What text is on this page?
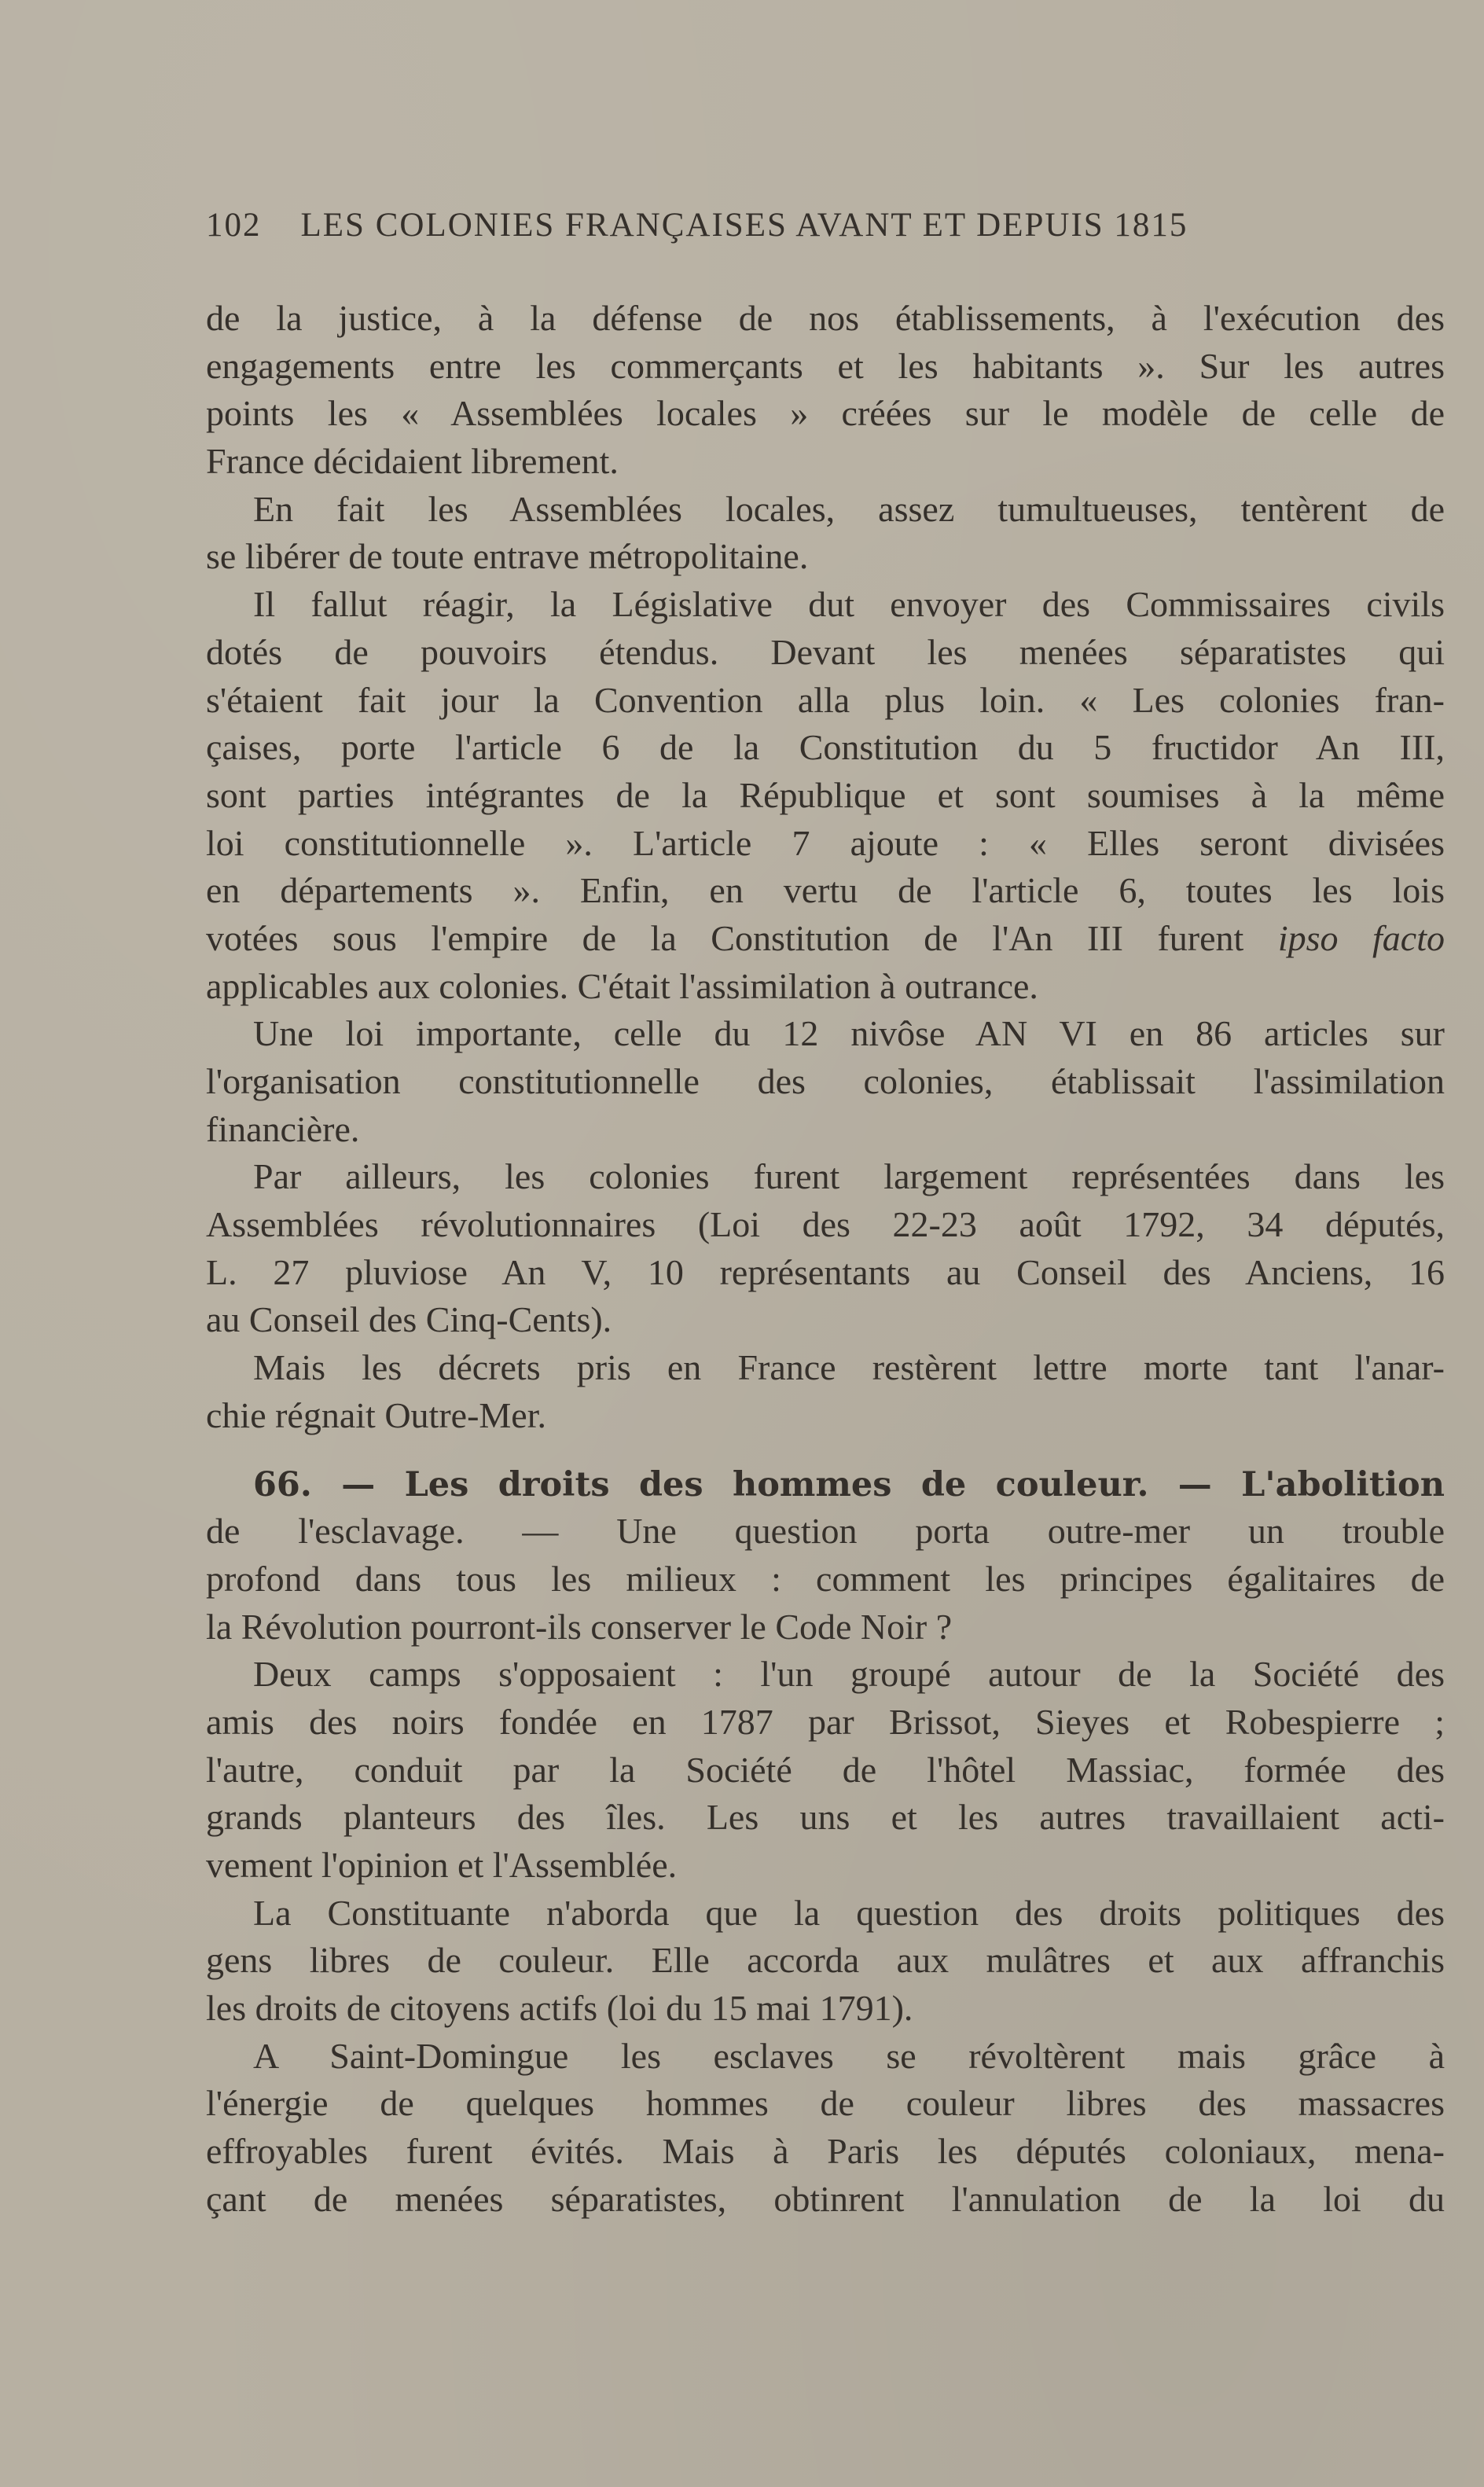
102 LES COLONIES FRANÇAISES AVANT ET DEPUIS 1815
de la justice, à la défense de nos établissements, à l'exécution des
engagements entre les commerçants et les habitants ». Sur les autres
points les « Assemblées locales » créées sur le modèle de celle de
France décidaient librement.
En fait les Assemblées locales, assez tumultueuses, tentèrent de
se libérer de toute entrave métropolitaine.
Il fallut réagir, la Législative dut envoyer des Commissaires civils
dotés de pouvoirs étendus. Devant les menées séparatistes qui
s'étaient fait jour la Convention alla plus loin. « Les colonies fran-
çaises, porte l'article 6 de la Constitution du 5 fructidor An III,
sont parties intégrantes de la République et sont soumises à la même
loi constitutionnelle ». L'article 7 ajoute : « Elles seront divisées
en départements ». Enfin, en vertu de l'article 6, toutes les lois
votées sous l'empire de la Constitution de l'An III furent ipso facto
applicables aux colonies. C'était l'assimilation à outrance.
Une loi importante, celle du 12 nivôse AN VI en 86 articles sur
l'organisation constitutionnelle des colonies, établissait l'assimilation
financière.
Par ailleurs, les colonies furent largement représentées dans les
Assemblées révolutionnaires (Loi des 22-23 août 1792, 34 députés,
L. 27 pluviose An V, 10 représentants au Conseil des Anciens, 16
au Conseil des Cinq-Cents).
Mais les décrets pris en France restèrent lettre morte tant l'anar-
chie régnait Outre-Mer.
66. — Les droits des hommes de couleur. — L'abolition
de l'esclavage. — Une question porta outre-mer un trouble
profond dans tous les milieux : comment les principes égalitaires de
la Révolution pourront-ils conserver le Code Noir ?
Deux camps s'opposaient : l'un groupé autour de la Société des
amis des noirs fondée en 1787 par Brissot, Sieyes et Robespierre ;
l'autre, conduit par la Société de l'hôtel Massiac, formée des
grands planteurs des îles. Les uns et les autres travaillaient acti-
vement l'opinion et l'Assemblée.
La Constituante n'aborda que la question des droits politiques des
gens libres de couleur. Elle accorda aux mulâtres et aux affranchis
les droits de citoyens actifs (loi du 15 mai 1791).
A Saint-Domingue les esclaves se révoltèrent mais grâce à
l'énergie de quelques hommes de couleur libres des massacres
effroyables furent évités. Mais à Paris les députés coloniaux, mena-
çant de menées séparatistes, obtinrent l'annulation de la loi du
